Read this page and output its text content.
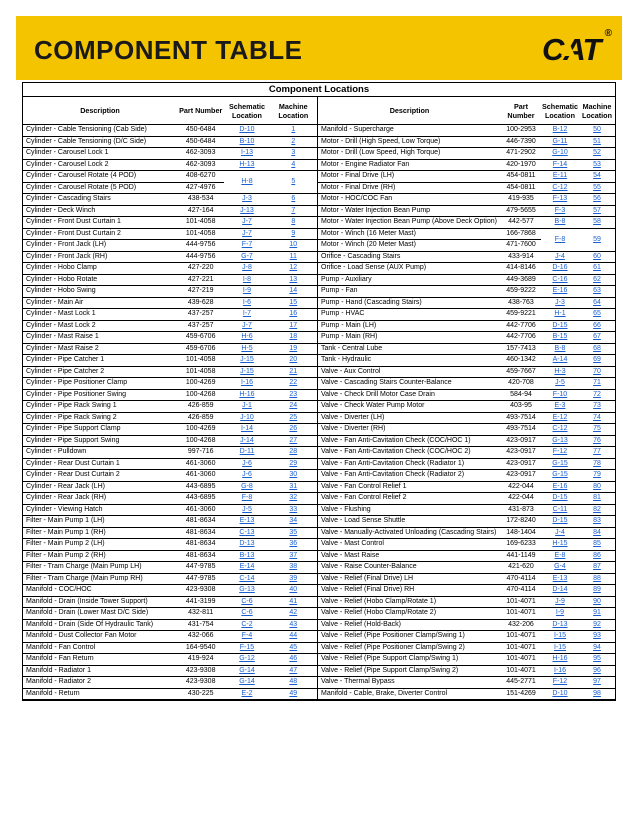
COMPONENT TABLE	CAT ®
Component Locations
Description	Part Number	Schematic Location	Machine Location
Cylinder - Cable Tensioning (Cab Side)	450-6484	D-10	1
Cylinder - Cable Tensioning (D/C Side)	450-6484	B-10	2
Cylinder - Carousel Lock 1	462-3093	I-13	3
Cylinder - Carousel Lock 2	462-3093	H-13	4
Cylinder - Carousel Rotate (4 POD)	408-6270	H-8	5
Cylinder - Carousel Rotate (5 POD)	427-4976		
Cylinder - Cascading Stairs	438-534	J-3	6
Cylinder - Deck Winch	427-164	J-13	7
Cylinder - Front Dust Curtain 1	101-4058	J-7	8
Cylinder - Front Dust Curtain 2	101-4058	J-7	9
Cylinder - Front Jack (LH)	444-9756	F-7	10
Cylinder - Front Jack (RH)	444-9756	G-7	11
Cylinder - Hobo Clamp	427-220	J-8	12
Cylinder - Hobo Rotate	427-221	I-8	13
Cylinder - Hobo Swing	427-219	I-9	14
Cylinder - Main Air	439-628	I-6	15
Cylinder - Mast Lock 1	437-257	I-7	16
Cylinder - Mast Lock 2	437-257	J-7	17
Cylinder - Mast Raise 1	459-6706	H-6	18
Cylinder - Mast Raise 2	459-6706	H-5	19
Cylinder - Pipe Catcher 1	101-4058	J-15	20
Cylinder - Pipe Catcher 2	101-4058	J-15	21
Cylinder - Pipe Positioner Clamp	100-4269	I-16	22
Cylinder - Pipe Positioner Swing	100-4268	H-16	23
Cylinder - Pipe Rack Swing 1	426-859	J-1	24
Cylinder - Pipe Rack Swing 2	426-859	J-10	25
Cylinder - Pipe Support Clamp	100-4269	I-14	26
Cylinder - Pipe Support Swing	100-4268	J-14	27
Cylinder - Pulldown	997-716	D-11	28
Cylinder - Rear Dust Curtain 1	461-3060	J-6	29
Cylinder - Rear Dust Curtain 2	461-3060	J-6	30
Cylinder - Rear Jack (LH)	443-6895	G-8	31
Cylinder - Rear Jack (RH)	443-6895	F-8	32
Cylinder - Viewing Hatch	461-3060	J-5	33
Filter - Main Pump 1 (LH)	481-8634	E-13	34
Filter - Main Pump 1 (RH)	481-8634	C-13	35
Filter - Main Pump 2 (LH)	481-8634	D-13	36
Filter - Main Pump 2 (RH)	481-8634	B-13	37
Filter - Tram Charge (Main Pump LH)	447-9785	E-14	38
Filter - Tram Charge (Main Pump RH)	447-9785	C-14	39
Manifold - COC/HOC	423-9308	G-13	40
Manifold - Drain (Inside Tower Support)	441-3199	C-6	41
Manifold - Drain (Lower Mast D/C Side)	432-811	C-6	42
Manifold - Drain (Side Of Hydraulic Tank)	431-754	C-2	43
Manifold - Dust Collector Fan Motor	432-066	F-4	44
Manifold - Fan Control	164-9540	F-15	45
Manifold - Fan Return	419-924	G-12	46
Manifold - Radiator 1	423-9308	G-14	47
Manifold - Radiator 2	423-9308	G-14	48
Manifold - Return	430-225	E-2	49
Description	Part Number	Schematic Location	Machine Location
Manifold - Supercharge	100-2953	B-12	50
Motor - Drill (High Speed, Low Torque)	446-7390	G-11	51
Motor - Drill (Low Speed, High Torque)	471-2902	G-10	52
Motor - Engine Radiator Fan	420-1970	F-14	53
Motor - Final Drive (LH)	454-0811	E-11	54
Motor - Final Drive (RH)	454-0811	C-12	55
Motor - HOC/COC Fan	419-935	F-13	56
Motor - Water Injection Bean Pump	479-5655	F-3	57
Motor - Water Injection Bean Pump (Above Deck Option)	442-577	B-8	58
Motor - Winch (16 Meter Mast)	166-7868	F-8	59
Motor - Winch (20 Meter Mast)	471-7600		
Orifice - Cascading Stairs	433-914	J-4	60
Orifice - Load Sense (AUX Pump)	414-8146	D-16	61
Pump - Auxiliary	449-3689	C-16	62
Pump - Fan	459-9222	E-16	63
Pump - Hand (Cascading Stairs)	438-763	J-3	64
Pump - HVAC	459-9221	H-1	65
Pump - Main (LH)	442-7706	D-15	66
Pump - Main (RH)	442-7706	B-15	67
Tank - Central Lube	157-7413	B-8	68
Tank - Hydraulic	460-1342	A-14	69
Valve - Aux Control	459-7667	H-3	70
Valve - Cascading Stairs Counter-Balance	420-708	J-5	71
Valve - Check Drill Motor Case Drain	584-94	F-10	72
Valve - Check Water Pump Motor	403-95	E-3	73
Valve - Diverter (LH)	493-7514	E-12	74
Valve - Diverter (RH)	493-7514	C-12	75
Valve - Fan Anti-Cavitation Check (COC/HOC 1)	423-0917	G-13	76
Valve - Fan Anti-Cavitation Check (COC/HOC 2)	423-0917	F-12	77
Valve - Fan Anti-Cavitation Check (Radiator 1)	423-0917	G-15	78
Valve - Fan Anti-Cavitation Check (Radiator 2)	423-0917	G-15	79
Valve - Fan Control Relief 1	422-044	E-16	80
Valve - Fan Control Relief 2	422-044	D-15	81
Valve - Flushing	431-873	C-11	82
Valve - Load Sense Shuttle	172-8240	D-15	83
Valve - Manually-Activated Unloading (Cascading Stairs)	148-1404	J-4	84
Valve - Mast Control	169-6233	H-15	85
Valve - Mast Raise	441-1149	E-8	86
Valve - Raise Counter-Balance	421-620	G-4	87
Valve - Relief (Final Drive) LH	470-4114	E-13	88
Valve - Relief (Final Drive) RH	470-4114	D-14	89
Valve - Relief (Hobo Clamp/Rotate 1)	101-4071	J-9	90
Valve - Relief (Hobo Clamp/Rotate 2)	101-4071	I-9	91
Valve - Relief (Hold-Back)	432-206	D-13	92
Valve - Relief (Pipe Positioner Clamp/Swing 1)	101-4071	I-15	93
Valve - Relief (Pipe Positioner Clamp/Swing 2)	101-4071	I-15	94
Valve - Relief (Pipe Support Clamp/Swing 1)	101-4071	H-16	95
Valve - Relief (Pipe Support Clamp/Swing 2)	101-4071	I-16	96
Valve - Thermal Bypass	445-2771	F-12	97
Manifold - Cable, Brake, Diverter Control	151-4269	D-10	98
